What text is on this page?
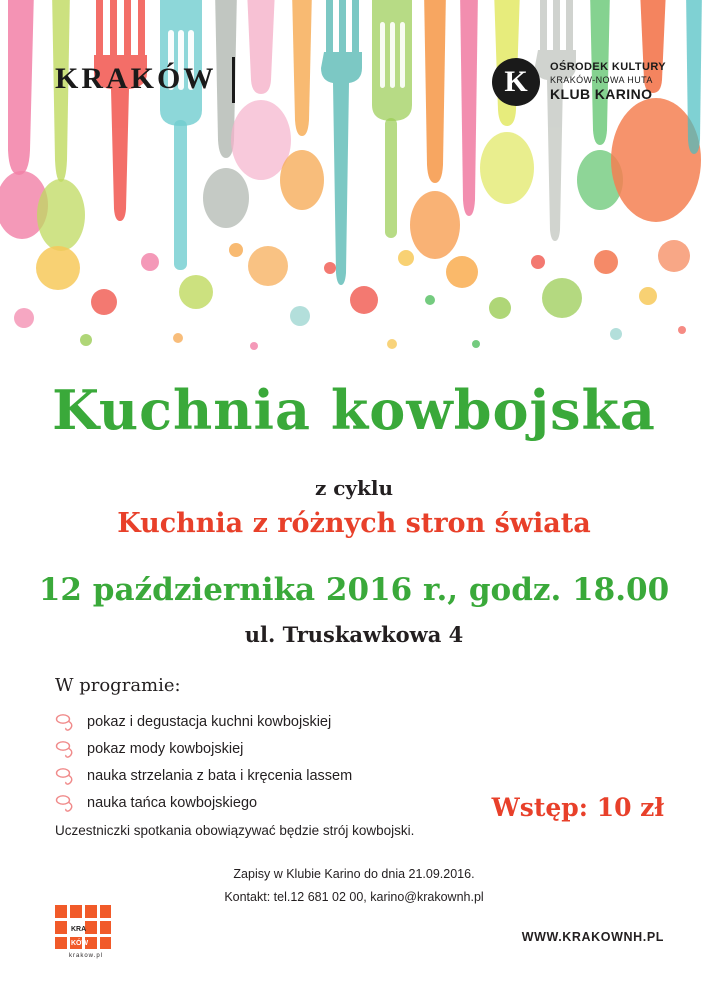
KRAKÓW	K	OŚRODEK KULTURY
KRAKÓW-NOWA HUTA
KLUB KARINO
Kuchnia kowbojska
z cyklu
Kuchnia z różnych stron świata
12 października 2016 r., godz. 18.00
ul. Truskawkowa 4
W programie:
pokaz i degustacja kuchni kowbojskiej
pokaz mody kowbojskiej
nauka strzelania z bata i kręcenia lassem
nauka tańca kowbojskiego
Uczestniczki spotkania obowiązywać będzie strój kowbojski.
Wstęp: 10 zł
Zapisy w Klubie Karino do dnia 21.09.2016.
Kontakt: tel.12 681 02 00, karino@krakownh.pl
KRA
KÓW
krakow.pl
WWW.KRAKOWNH.PL
